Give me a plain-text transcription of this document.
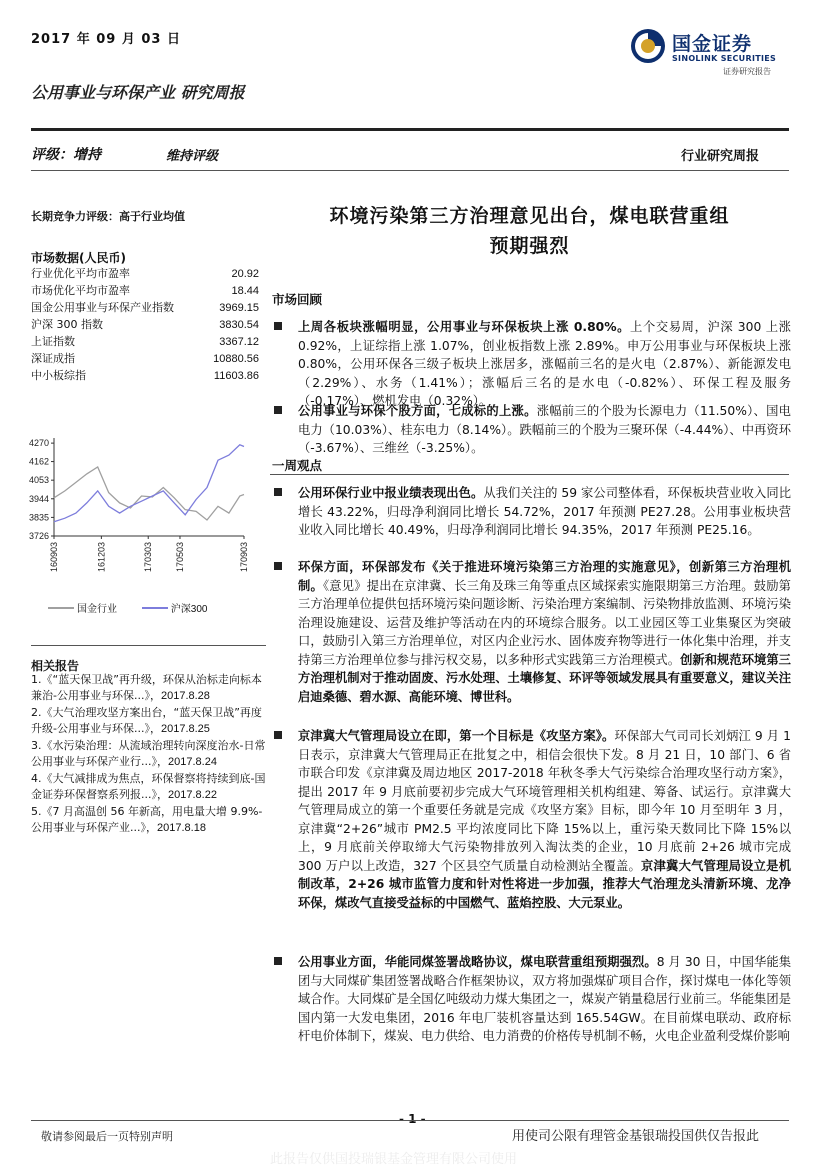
2017 年 09 月 03 日	国金证券
SINOLINK SECURITIES
证券研究报告
公用事业与环保产业 研究周报
评级：增持	维持评级	行业研究周报
长期竞争力评级：高于行业均值
市场数据(人民币)
行业优化平均市盈率	20.92
市场优化平均市盈率	18.44
国金公用事业与环保产业指数	3969.15
沪深 300 指数	3830.54
上证指数	3367.12
深证成指	10880.56
中小板综指	11603.86
3726
3835
3944
4053
4162
4270
160903	161203	170303 170503	170903
国金行业
	沪深300
相关报告
1.《“蓝天保卫战”再升级，环保从治标走向标本兼治-公用事业与环保...》，2017.8.28
2.《大气治理攻坚方案出台，“蓝天保卫战”再度升级-公用事业与环保...》，2017.8.25
3.《水污染治理：从流域治理转向深度治水-日常公用事业与环保产业行...》，2017.8.24
4.《大气减排成为焦点，环保督察将持续到底-国金证券环保督察系列报...》，2017.8.22
5.《7 月高温创 56 年新高，用电量大增 9.9%-公用事业与环保产业...》，2017.8.18
环境污染第三方治理意见出台，煤电联营重组
预期强烈
市场回顾
上周各板块涨幅明显，公用事业与环保板块上涨 0.80%。上个交易周，沪深 300 上涨 0.92%，上证综指上涨 1.07%，创业板指数上涨 2.89%。申万公用事业与环保板块上涨 0.80%，公用环保各三级子板块上涨居多，涨幅前三名的是火电（2.87%）、新能源发电（2.29%）、水务（1.41%）；涨幅后三名的是水电（-0.82%）、环保工程及服务（-0.17%）、燃机发电（0.32%）。
公用事业与环保个股方面，七成标的上涨。涨幅前三的个股为长源电力（11.50%）、国电电力（10.03%）、桂东电力（8.14%）。跌幅前三的个股为三聚环保（-4.44%）、中再资环（-3.67%）、三维丝（-3.25%）。
一周观点
公用环保行业中报业绩表现出色。从我们关注的 59 家公司整体看，环保板块营业收入同比增长 43.22%，归母净利润同比增长 54.72%，2017 年预测 PE27.28。公用事业板块营业收入同比增长 40.49%，归母净利润同比增长 94.35%，2017 年预测 PE25.16。
环保方面，环保部发布《关于推进环境污染第三方治理的实施意见》，创新第三方治理机制。《意见》提出在京津冀、长三角及珠三角等重点区域探索实施限期第三方治理。鼓励第三方治理单位提供包括环境污染问题诊断、污染治理方案编制、污染物排放监测、环境污染治理设施建设、运营及维护等活动在内的环境综合服务。以工业园区等工业集聚区为突破口，鼓励引入第三方治理单位，对区内企业污水、固体废弃物等进行一体化集中治理，并支持第三方治理单位参与排污权交易，以多种形式实践第三方治理模式。创新和规范环境第三方治理机制对于推动固废、污水处理、土壤修复、环评等领域发展具有重要意义，建议关注启迪桑德、碧水源、高能环境、博世科。
京津冀大气管理局设立在即，第一个目标是《攻坚方案》。环保部大气司司长刘炳江 9 月 1 日表示，京津冀大气管理局正在批复之中，相信会很快下发。8 月 21 日，10 部门、6 省市联合印发《京津冀及周边地区 2017-2018 年秋冬季大气污染综合治理攻坚行动方案》，提出 2017 年 9 月底前要初步完成大气环境管理相关机构组建、筹备、试运行。京津冀大气管理局成立的第一个重要任务就是完成《攻坚方案》目标，即今年 10 月至明年 3 月，京津冀“2+26”城市 PM2.5 平均浓度同比下降 15%以上，重污染天数同比下降 15%以上，9 月底前关停取缔大气污染物排放列入淘汰类的企业，10 月底前 2+26 城市完成 300 万户以上改造，327 个区县空气质量自动检测站全覆盖。京津冀大气管理局设立是机制改革，2+26 城市监管力度和针对性将进一步加强，推荐大气治理龙头清新环境、龙净环保，煤改气直接受益标的中国燃气、蓝焰控股、大元泵业。
公用事业方面，华能同煤签署战略协议，煤电联营重组预期强烈。8 月 30 日，中国华能集团与大同煤矿集团签署战略合作框架协议，双方将加强煤矿项目合作，探讨煤电一体化等领域合作。大同煤矿是全国亿吨级动力煤大集团之一，煤炭产销量稳居行业前三。华能集团是国内第一大发电集团，2016 年电厂装机容量达到 165.54GW。在目前煤电联动、政府标杆电价体制下，煤炭、电力供给、电力消费的价格传导机制不畅，火电企业盈利受煤价影响
- 1 -
敬请参阅最后一页特别声明	用使司公限有理管金基银瑞投国供仅告报此
此报告仅供国投瑞银基金管理有限公司使用
